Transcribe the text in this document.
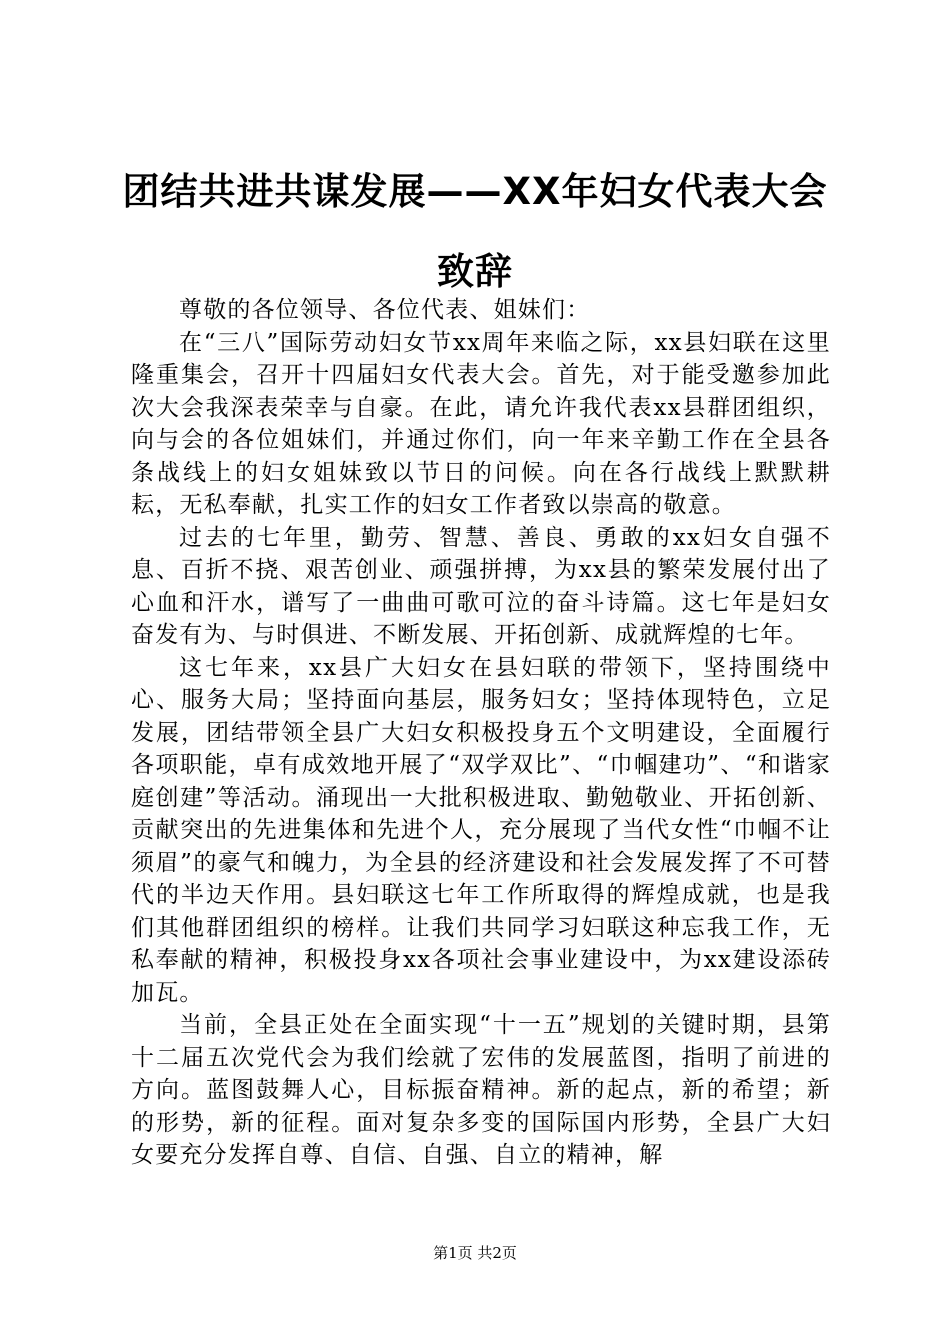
团结共进共谋发展——XX年妇女代表大会致辞

尊敬的各位领导、各位代表、姐妹们：

在“三八”国际劳动妇女节xx周年来临之际，xx县妇联在这里隆重集会，召开十四届妇女代表大会。首先，对于能受邀参加此次大会我深表荣幸与自豪。在此，请允许我代表xx县群团组织，向与会的各位姐妹们，并通过你们，向一年来辛勤工作在全县各条战线上的妇女姐妹致以节日的问候。向在各行战线上默默耕耘，无私奉献，扎实工作的妇女工作者致以崇高的敬意。

过去的七年里，勤劳、智慧、善良、勇敢的xx妇女自强不息、百折不挠、艰苦创业、顽强拼搏，为xx县的繁荣发展付出了心血和汗水，谱写了一曲曲可歌可泣的奋斗诗篇。这七年是妇女奋发有为、与时俱进、不断发展、开拓创新、成就辉煌的七年。

这七年来，xx县广大妇女在县妇联的带领下，坚持围绕中心、服务大局；坚持面向基层，服务妇女；坚持体现特色，立足发展，团结带领全县广大妇女积极投身五个文明建设，全面履行各项职能，卓有成效地开展了“双学双比”、“巾帼建功”、“和谐家庭创建”等活动。涌现出一大批积极进取、勤勉敬业、开拓创新、贡献突出的先进集体和先进个人，充分展现了当代女性“巾帼不让须眉”的豪气和魄力，为全县的经济建设和社会发展发挥了不可替代的半边天作用。县妇联这七年工作所取得的辉煌成就，也是我们其他群团组织的榜样。让我们共同学习妇联这种忘我工作，无私奉献的精神，积极投身xx各项社会事业建设中，为xx建设添砖加瓦。

当前，全县正处在全面实现“十一五”规划的关键时期，县第十二届五次党代会为我们绘就了宏伟的发展蓝图，指明了前进的方向。蓝图鼓舞人心，目标振奋精神。新的起点，新的希望；新的形势，新的征程。面对复杂多变的国际国内形势，全县广大妇女要充分发挥自尊、自信、自强、自立的精神，解

第1页 共2页
